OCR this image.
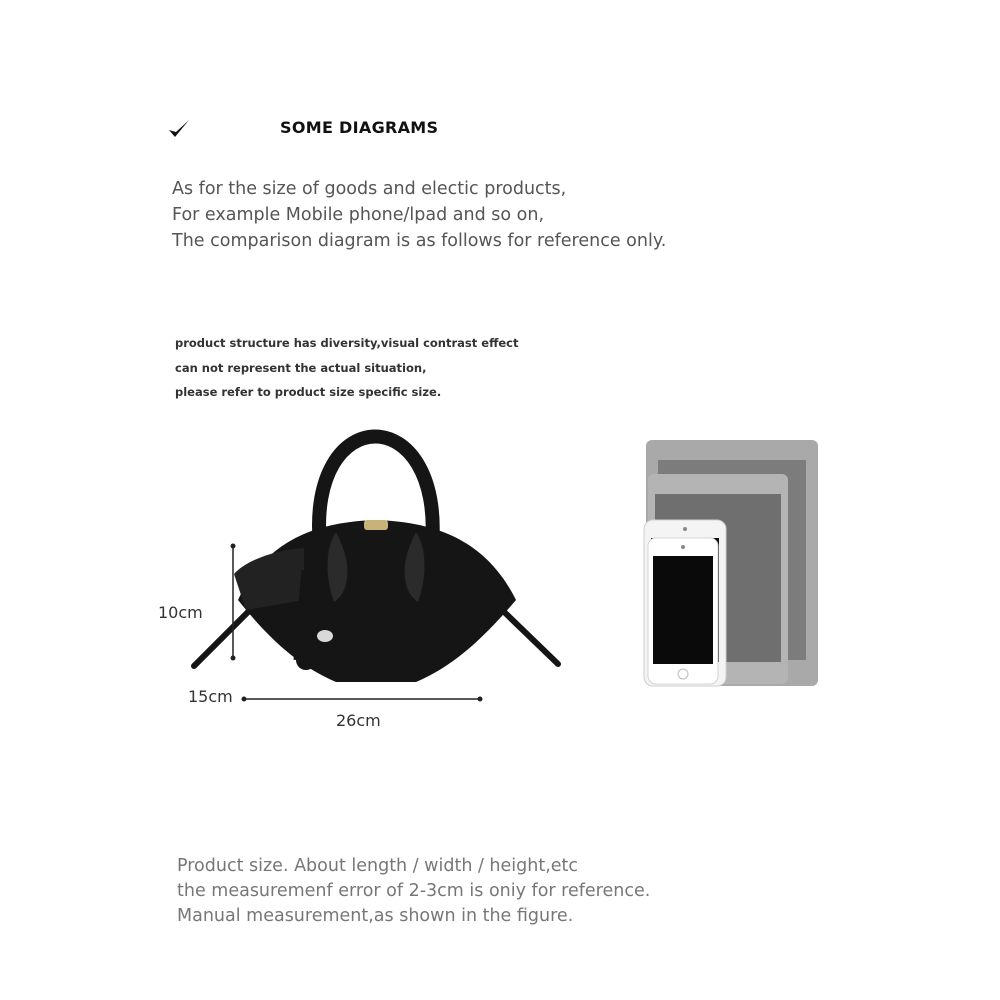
SOME DIAGRAMS
As for the size of goods and electic products,
For example Mobile phone/lpad and so on,
The comparison diagram is as follows for reference only.
product structure has diversity,visual contrast effect
can not represent the actual situation,
please refer to product size specific size.
10cm
15cm
26cm
Product size. About length / width / height,etc
the measuremenf error of 2-3cm is oniy for reference.
Manual measurement,as shown in the figure.
